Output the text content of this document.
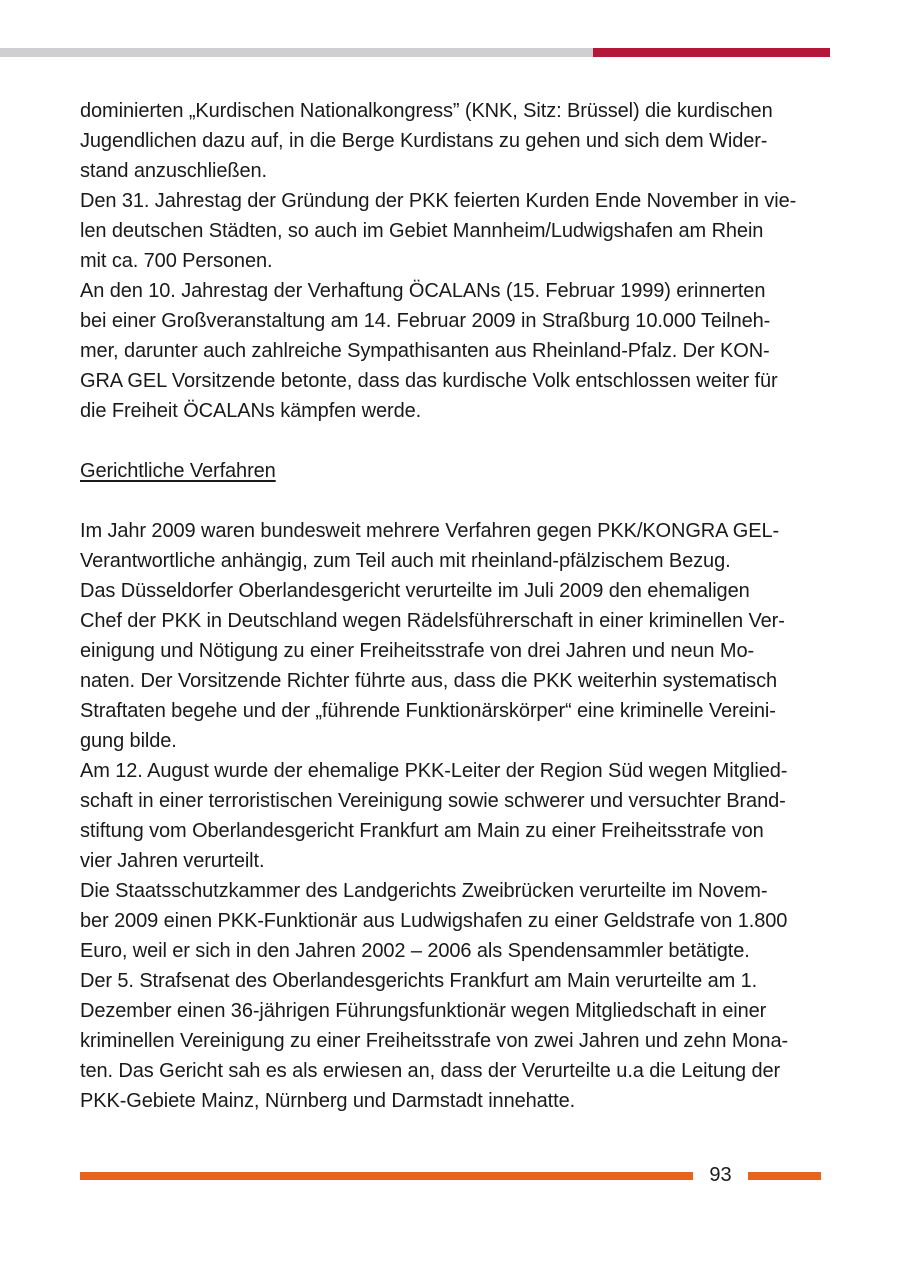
dominierten „Kurdischen Nationalkongress” (KNK, Sitz: Brüssel) die kurdischen

Jugendlichen dazu auf, in die Berge Kurdistans zu gehen und sich dem Wider-

stand anzuschließen.

Den 31. Jahrestag der Gründung der PKK feierten Kurden Ende November in vie-

len deutschen Städten, so auch im Gebiet Mannheim/Ludwigshafen am Rhein

mit ca. 700 Personen.

An den 10. Jahrestag der Verhaftung ÖCALANs (15. Februar 1999) erinnerten

bei einer Großveranstaltung am 14. Februar 2009 in Straßburg 10.000 Teilneh-

mer, darunter auch zahlreiche Sympathisanten aus Rheinland-Pfalz. Der KON-

GRA GEL Vorsitzende betonte, dass das kurdische Volk entschlossen weiter für

die Freiheit ÖCALANs kämpfen werde.

Gerichtliche Verfahren

Im Jahr 2009 waren bundesweit mehrere Verfahren gegen PKK/KONGRA GEL-

Verantwortliche anhängig, zum Teil auch mit rheinland-pfälzischem Bezug.

Das Düsseldorfer Oberlandesgericht verurteilte im Juli 2009 den ehemaligen

Chef der PKK in Deutschland wegen Rädelsführerschaft in einer kriminellen Ver-

einigung und Nötigung zu einer Freiheitsstrafe von drei Jahren und neun Mo-

naten. Der Vorsitzende Richter führte aus, dass die PKK weiterhin systematisch

Straftaten begehe und der „führende Funktionärskörper“ eine kriminelle Vereini-

gung bilde.

Am 12. August wurde der ehemalige PKK-Leiter der Region Süd wegen Mitglied-

schaft in einer terroristischen Vereinigung sowie schwerer und versuchter Brand-

stiftung vom Oberlandesgericht Frankfurt am Main zu einer Freiheitsstrafe von

vier Jahren verurteilt.

Die Staatsschutzkammer des Landgerichts Zweibrücken verurteilte im Novem-

ber 2009 einen PKK-Funktionär aus Ludwigshafen zu einer Geldstrafe von 1.800

Euro, weil er sich in den Jahren 2002 – 2006 als Spendensammler betätigte.

Der 5. Strafsenat des Oberlandesgerichts Frankfurt am Main verurteilte am 1.

Dezember einen 36-jährigen Führungsfunktionär wegen Mitgliedschaft in einer

kriminellen Vereinigung zu einer Freiheitsstrafe von zwei Jahren und zehn Mona-

ten. Das Gericht sah es als erwiesen an, dass der Verurteilte u.a die Leitung der

PKK-Gebiete Mainz, Nürnberg und Darmstadt innehatte.

93
